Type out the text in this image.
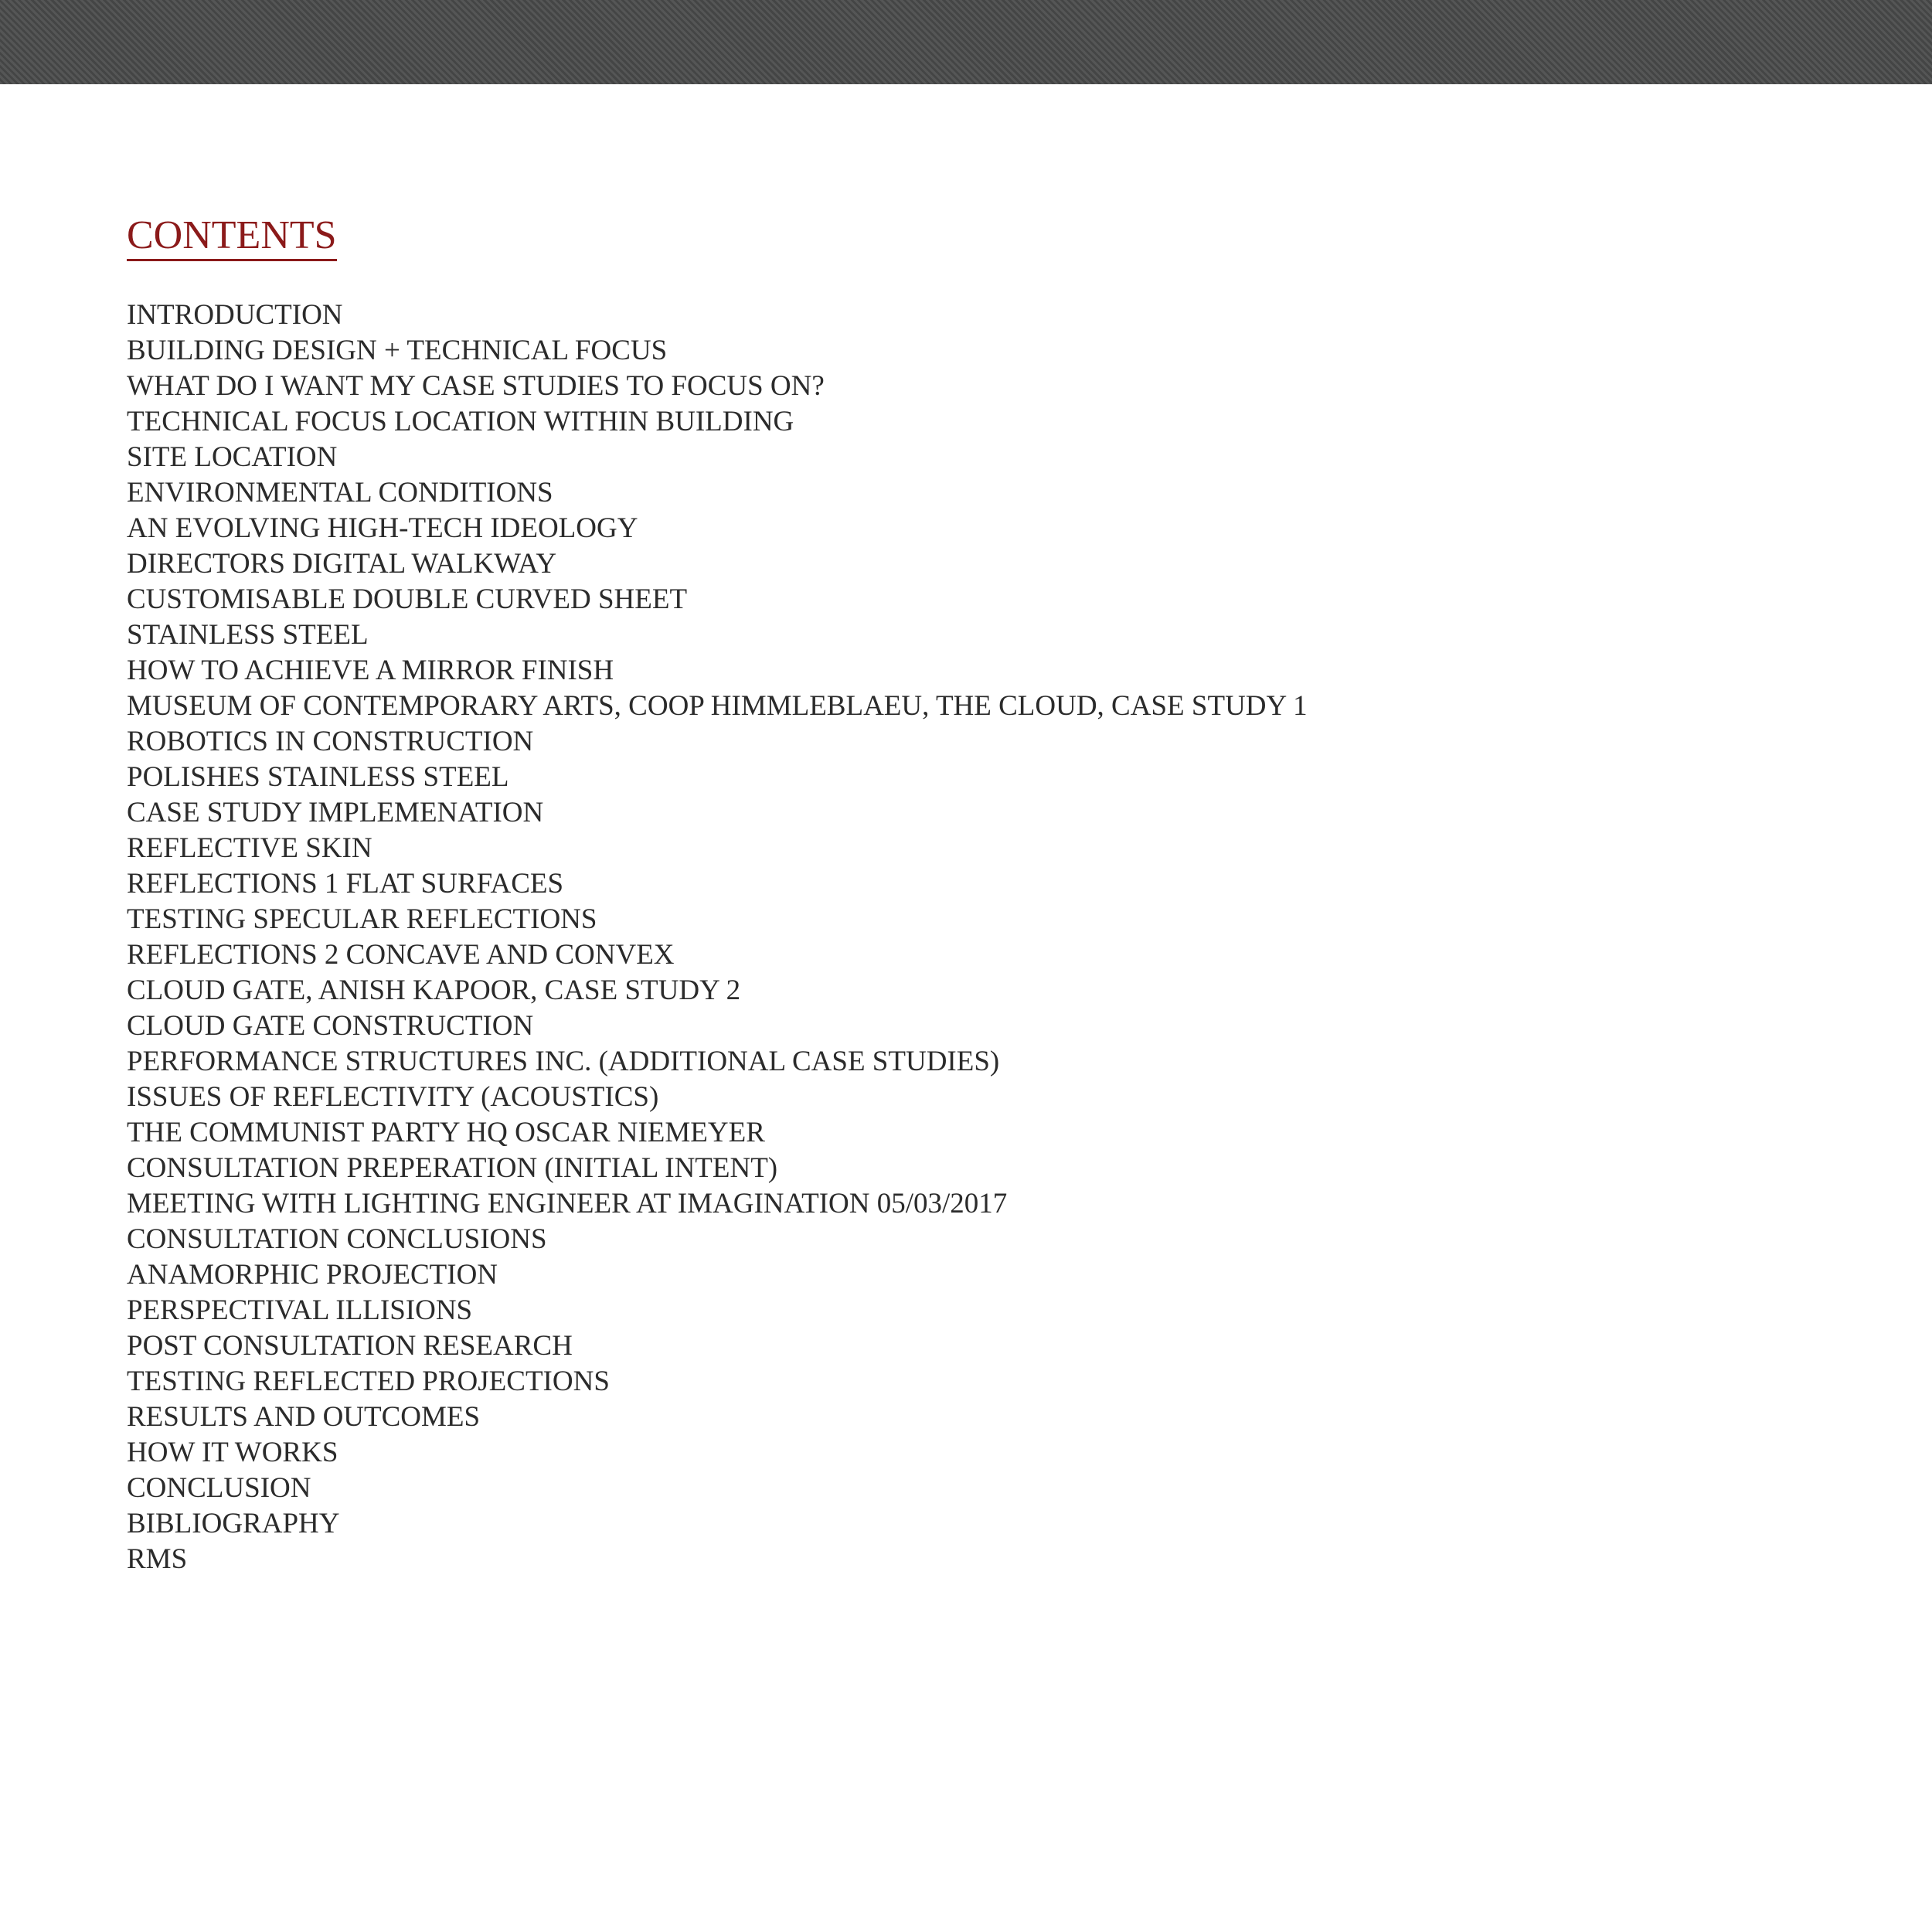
CONTENTS
INTRODUCTION
BUILDING DESIGN + TECHNICAL FOCUS
WHAT DO I WANT MY CASE STUDIES TO FOCUS ON?
TECHNICAL FOCUS LOCATION WITHIN BUILDING
SITE LOCATION
ENVIRONMENTAL CONDITIONS
AN EVOLVING HIGH-TECH IDEOLOGY
DIRECTORS DIGITAL WALKWAY
CUSTOMISABLE DOUBLE CURVED SHEET
STAINLESS STEEL
HOW TO ACHIEVE A MIRROR FINISH
MUSEUM OF CONTEMPORARY ARTS, COOP HIMMLEBLAEU, THE CLOUD, CASE STUDY 1
ROBOTICS IN CONSTRUCTION
POLISHES STAINLESS STEEL
CASE STUDY IMPLEMENATION
REFLECTIVE SKIN
REFLECTIONS 1 FLAT SURFACES
TESTING SPECULAR REFLECTIONS
REFLECTIONS 2 CONCAVE AND CONVEX
CLOUD GATE, ANISH KAPOOR, CASE STUDY 2
CLOUD GATE CONSTRUCTION
PERFORMANCE STRUCTURES INC. (ADDITIONAL CASE STUDIES)
ISSUES OF REFLECTIVITY (ACOUSTICS)
THE COMMUNIST PARTY HQ OSCAR NIEMEYER
CONSULTATION PREPERATION (INITIAL INTENT)
MEETING WITH LIGHTING ENGINEER AT IMAGINATION 05/03/2017
CONSULTATION CONCLUSIONS
ANAMORPHIC PROJECTION
PERSPECTIVAL ILLISIONS
POST CONSULTATION RESEARCH
TESTING REFLECTED PROJECTIONS
RESULTS AND OUTCOMES
HOW IT WORKS
CONCLUSION
BIBLIOGRAPHY
RMS
